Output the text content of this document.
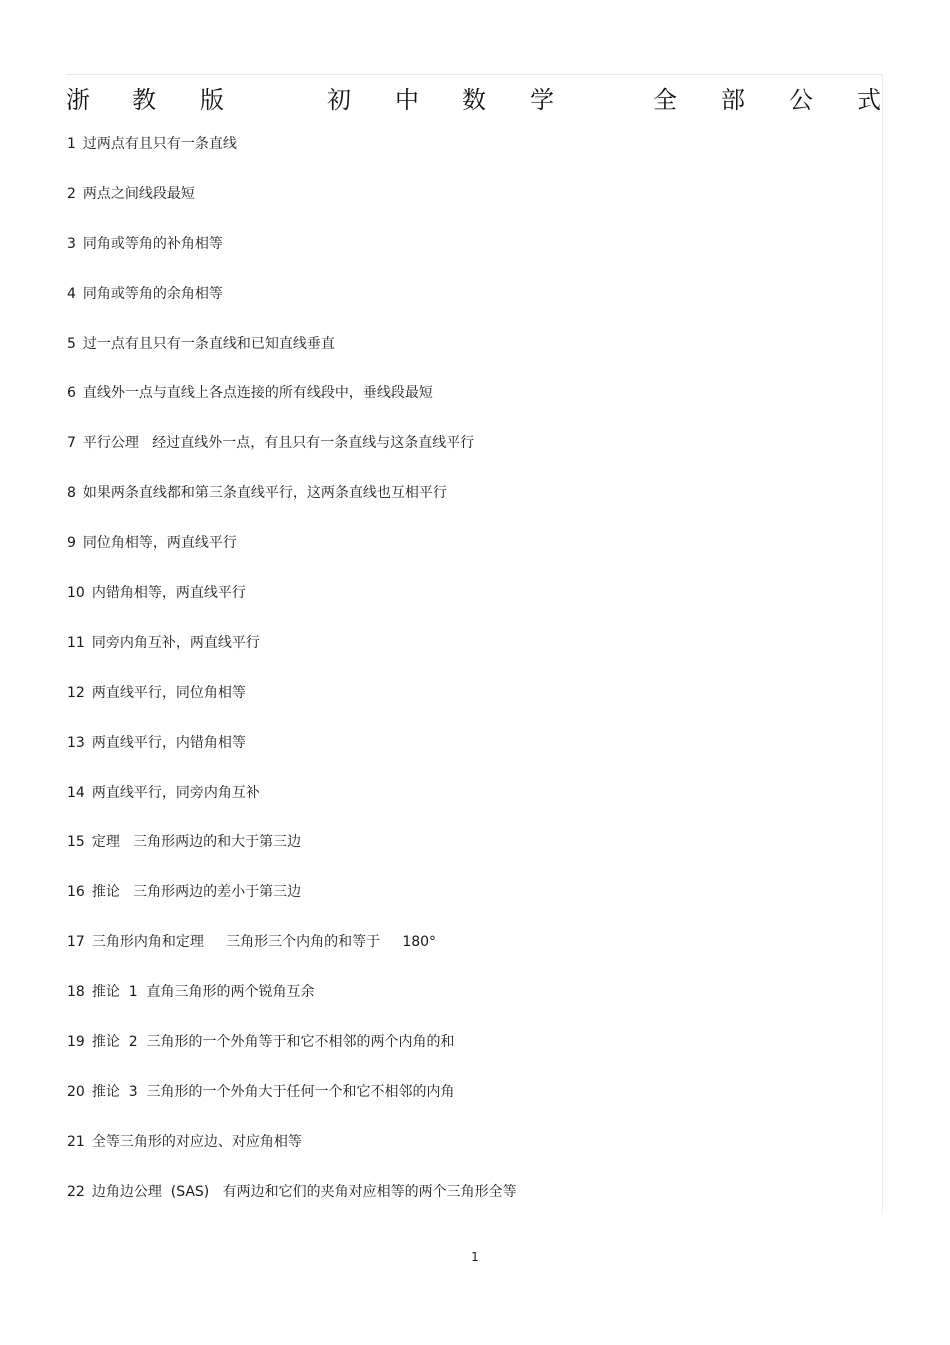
浙 教 版	初 中 数 学	全 部 公 式
1 过两点有且只有一条直线
2 两点之间线段最短
3 同角或等角的补角相等
4 同角或等角的余角相等
5 过一点有且只有一条直线和已知直线垂直
6 直线外一点与直线上各点连接的所有线段中，垂线段最短
7 平行公理   经过直线外一点，有且只有一条直线与这条直线平行
8 如果两条直线都和第三条直线平行，这两条直线也互相平行
9 同位角相等，两直线平行
10 内错角相等，两直线平行
11 同旁内角互补，两直线平行
12 两直线平行，同位角相等
13 两直线平行，内错角相等
14 两直线平行，同旁内角互补
15 定理   三角形两边的和大于第三边
16 推论   三角形两边的差小于第三边
17 三角形内角和定理     三角形三个内角的和等于     180°
18 推论  1  直角三角形的两个锐角互余
19 推论  2  三角形的一个外角等于和它不相邻的两个内角的和
20 推论  3  三角形的一个外角大于任何一个和它不相邻的内角
21 全等三角形的对应边、对应角相等
22 边角边公理  (SAS)   有两边和它们的夹角对应相等的两个三角形全等
1
